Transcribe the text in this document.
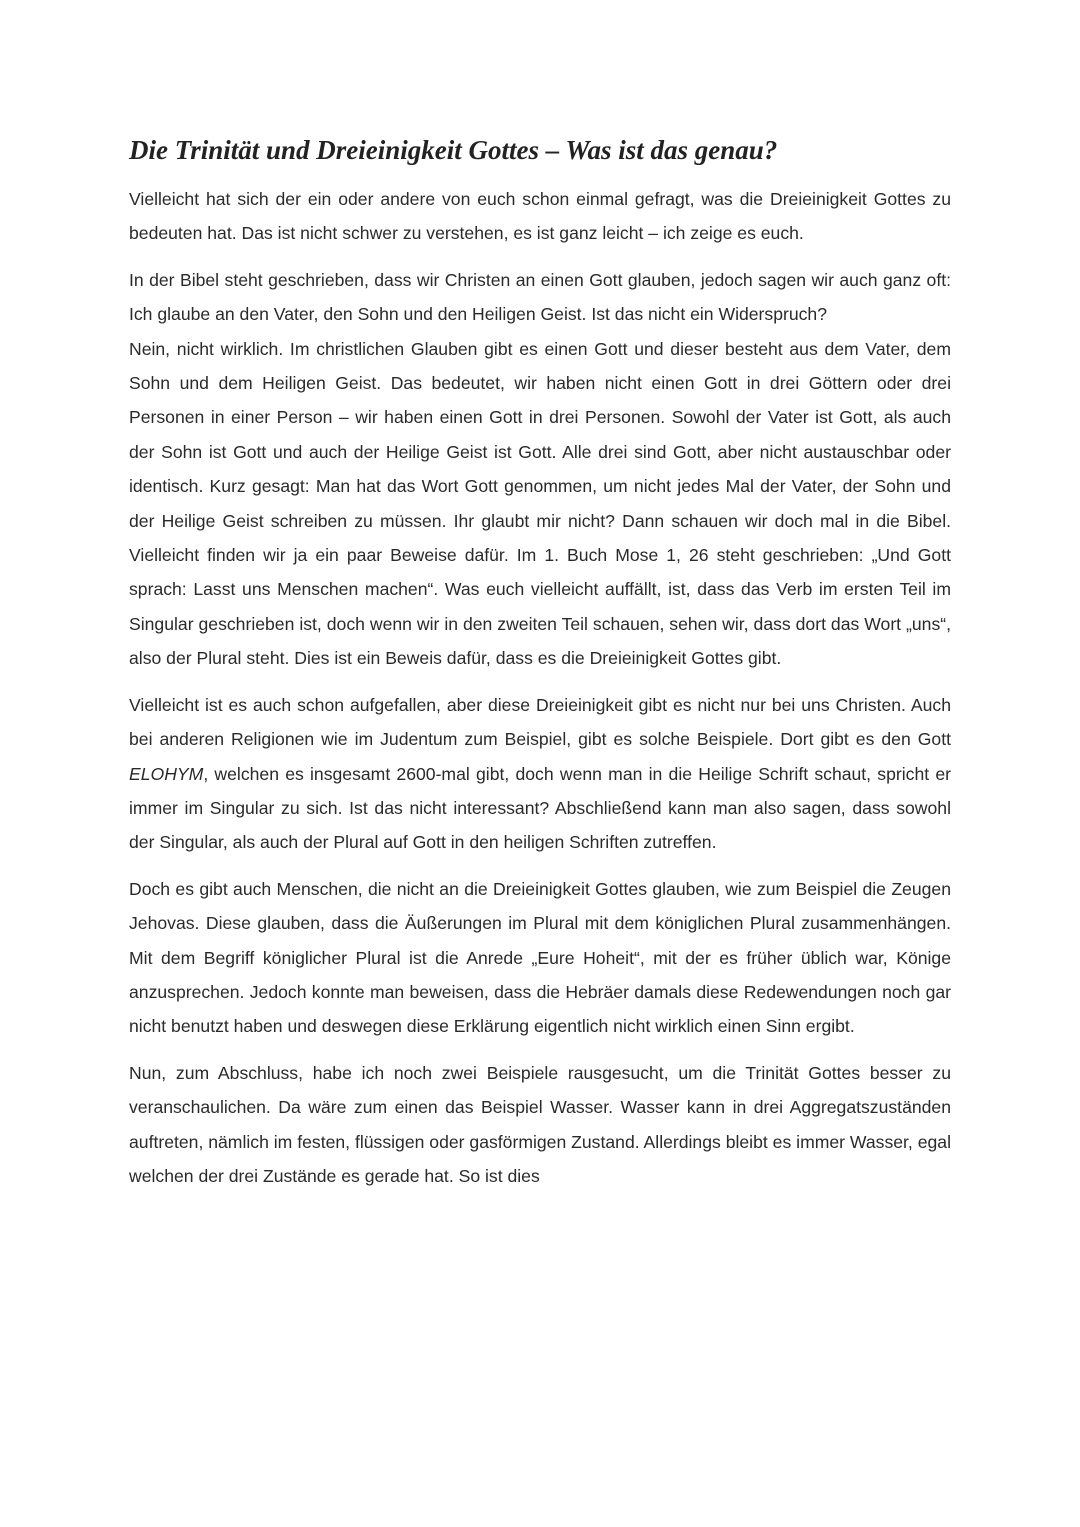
Die Trinität und Dreieinigkeit Gottes – Was ist das genau?

Vielleicht hat sich der ein oder andere von euch schon einmal gefragt, was die Dreieinigkeit Gottes zu bedeuten hat. Das ist nicht schwer zu verstehen, es ist ganz leicht – ich zeige es euch.

In der Bibel steht geschrieben, dass wir Christen an einen Gott glauben, jedoch sagen wir auch ganz oft: Ich glaube an den Vater, den Sohn und den Heiligen Geist. Ist das nicht ein Widerspruch?

Nein, nicht wirklich. Im christlichen Glauben gibt es einen Gott und dieser besteht aus dem Vater, dem Sohn und dem Heiligen Geist. Das bedeutet, wir haben nicht einen Gott in drei Göttern oder drei Personen in einer Person – wir haben einen Gott in drei Personen. Sowohl der Vater ist Gott, als auch der Sohn ist Gott und auch der Heilige Geist ist Gott. Alle drei sind Gott, aber nicht austauschbar oder identisch. Kurz gesagt: Man hat das Wort Gott genommen, um nicht jedes Mal der Vater, der Sohn und der Heilige Geist schreiben zu müssen. Ihr glaubt mir nicht? Dann schauen wir doch mal in die Bibel. Vielleicht finden wir ja ein paar Beweise dafür. Im 1. Buch Mose 1, 26 steht geschrieben: „Und Gott sprach: Lasst uns Menschen machen“. Was euch vielleicht auffällt, ist, dass das Verb im ersten Teil im Singular geschrieben ist, doch wenn wir in den zweiten Teil schauen, sehen wir, dass dort das Wort „uns“, also der Plural steht. Dies ist ein Beweis dafür, dass es die Dreieinigkeit Gottes gibt.

Vielleicht ist es auch schon aufgefallen, aber diese Dreieinigkeit gibt es nicht nur bei uns Christen. Auch bei anderen Religionen wie im Judentum zum Beispiel, gibt es solche Beispiele. Dort gibt es den Gott ELOHYM, welchen es insgesamt 2600-mal gibt, doch wenn man in die Heilige Schrift schaut, spricht er immer im Singular zu sich. Ist das nicht interessant? Abschließend kann man also sagen, dass sowohl der Singular, als auch der Plural auf Gott in den heiligen Schriften zutreffen.

Doch es gibt auch Menschen, die nicht an die Dreieinigkeit Gottes glauben, wie zum Beispiel die Zeugen Jehovas. Diese glauben, dass die Äußerungen im Plural mit dem königlichen Plural zusammenhängen. Mit dem Begriff königlicher Plural ist die Anrede „Eure Hoheit“, mit der es früher üblich war, Könige anzusprechen. Jedoch konnte man beweisen, dass die Hebräer damals diese Redewendungen noch gar nicht benutzt haben und deswegen diese Erklärung eigentlich nicht wirklich einen Sinn ergibt.

Nun, zum Abschluss, habe ich noch zwei Beispiele rausgesucht, um die Trinität Gottes besser zu veranschaulichen. Da wäre zum einen das Beispiel Wasser. Wasser kann in drei Aggregatszuständen auftreten, nämlich im festen, flüssigen oder gasförmigen Zustand. Allerdings bleibt es immer Wasser, egal welchen der drei Zustände es gerade hat. So ist dies
